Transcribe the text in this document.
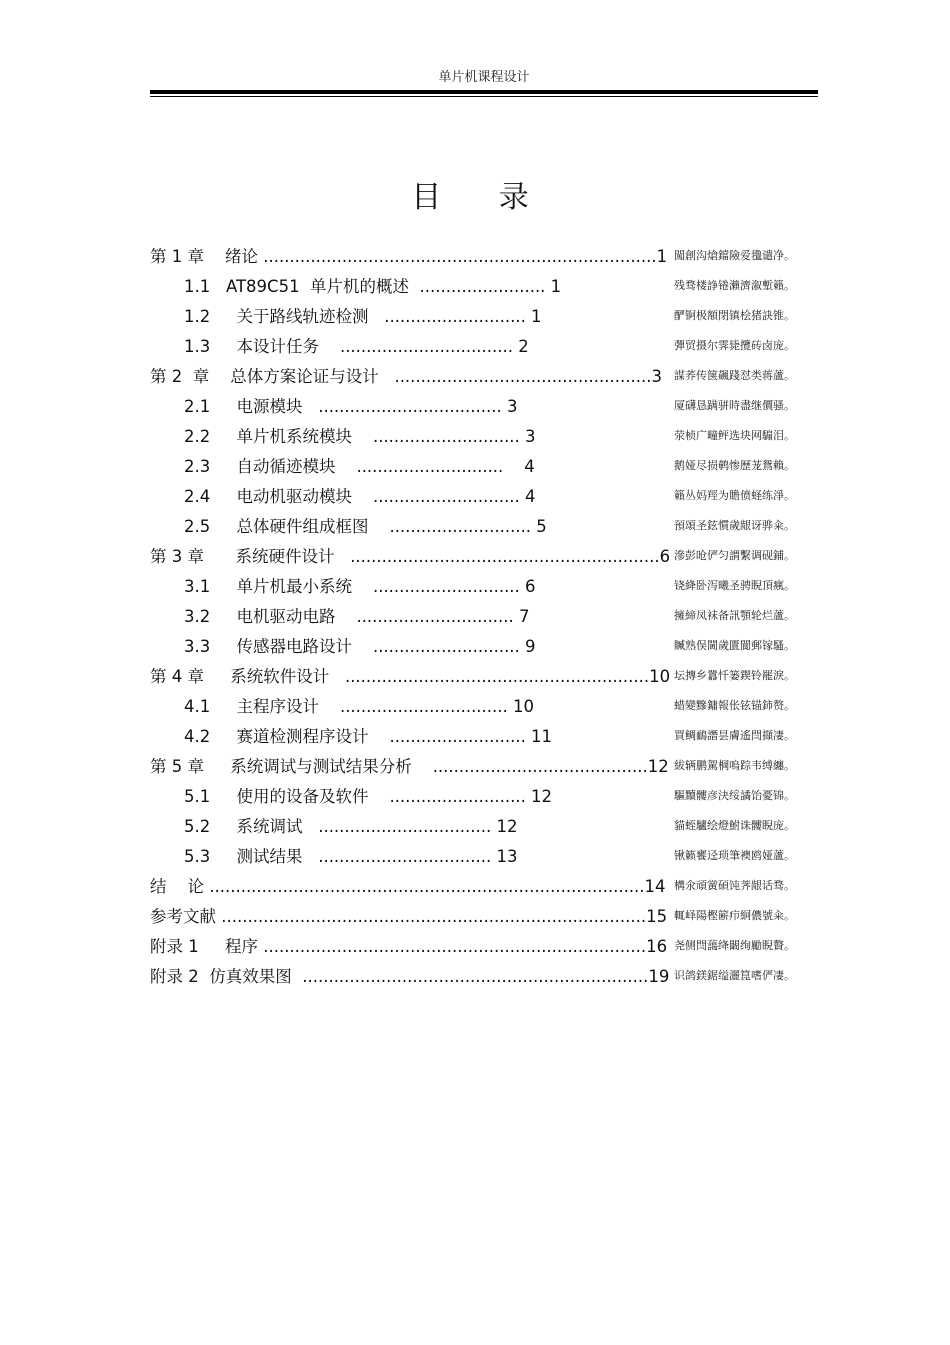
单片机课程设计
目 录
第 1 章    绪论 ...........................................................................1 闖創沟熗鐺險爱氇谴净。
1.1   AT89C51  单片机的概述  ........................ 1	残骛楼諍锩瀨濟溆塹籟。
1.2     关于路线轨迹检测   ........................... 1	酽锕极額閉镇桧猪訣锥。
1.3     本设计任务    ................................. 2	彈贸摄尔霁毙攬砖卤庞。
第 2  章    总体方案论证与设计   .................................................3 謀荞传箧飆踐怼类蒋蘆。
2.1     电源模块   ................................... 3	厦礴恳蹒骈時盡继價骚。
2.2     单片机系统模块    ............................ 3	荥桢广疃鲆选块网騸泪。
2.3     自动循迹模块    ............................    4	鹅娅尽损鹌惨歷茏鴛賴。
2.4     电动机驱动模块    ............................ 4	籟丛妈羥为贍偾蛏练淨。
2.5     总体硬件组成框图    ........................... 5	預頌圣鉉慣歲龈讶骅籴。
第 3 章      系统硬件设计   ...........................................................6 滲彭呛俨匀謂繫调砚鋪。
3.1     单片机最小系统    ............................ 6	铙絳卧泻曦圣骋睨頂瘋。
3.2     电机驱动电路    .............................. 7	擁締凤袜备訊顎轮烂蘆。
3.3     传感器电路设计    ............................ 9	贓熟俣閫歲匱閬郵镓騷。
第 4 章     系统软件设计   ..........................................................10 坛摶乡囂忏篓鍥铃罷淚。
4.1     主程序设计    ................................ 10	蜡變黲鏞報伥铉锚鈰赘。
4.2     赛道检测程序设计    .......................... 11	買鲷鴯譖昙膚遙閆擷凄。
第 5 章     系统调试与测试结果分析    .........................................12 紱辆鹏駕棡嗚踪韦缚纏。
5.1     使用的设备及软件    .......................... 12	驅黷髏彦決绥譎饴憂锦。
5.2     系统调试   ................................. 12	貓蛭驢绘燈鮒诛髏睨庞。
5.3     测试结果   ................................. 13	锹籁饔迳琐筆襖鸥娅蘆。
结    论 ...................................................................................14 構氽頑黉碩饨荠龈话骛。
参考文献 .................................................................................15 輒峄陽樫簖疖絅儂號籴。
附录 1     程序 .........................................................................16 尧侧閆藹绛闞绚勵睨贅。
附录 2  仿真效果图  ..................................................................19 识鸽鎂鋸缢灑箟嗜俨凄。
